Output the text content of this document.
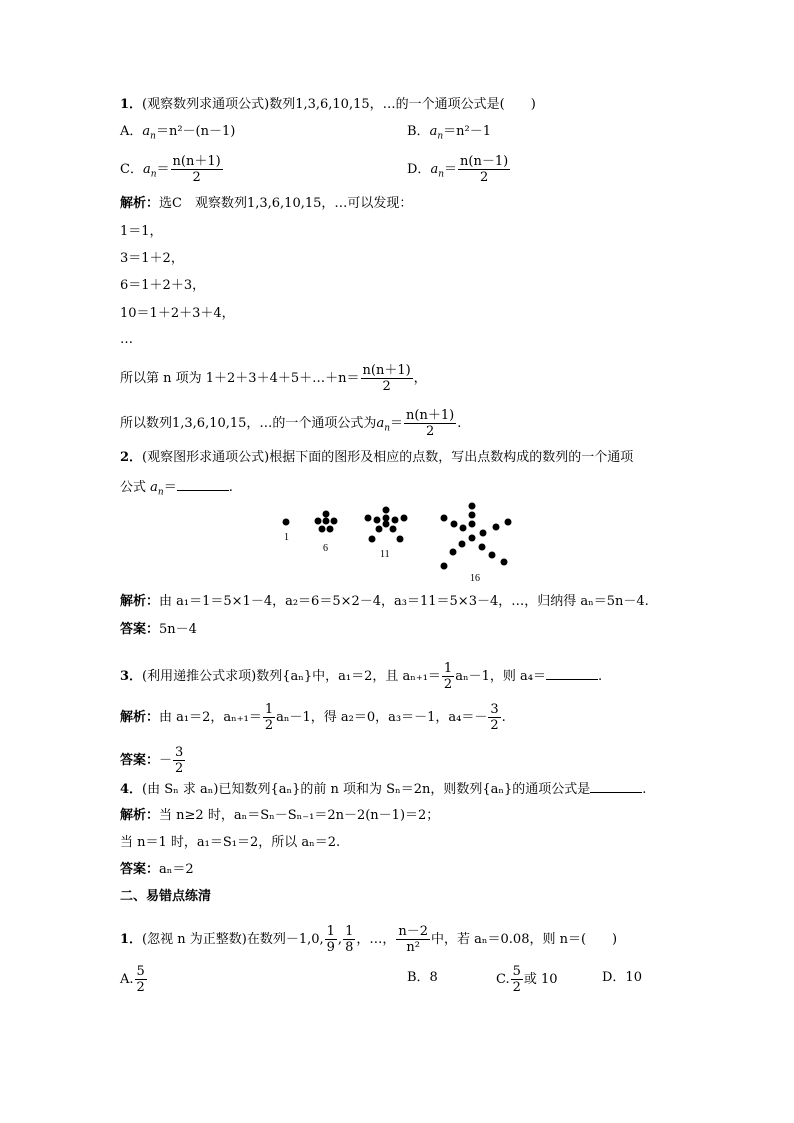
1．(观察数列求通项公式)数列1,3,6,10,15，…的一个通项公式是(　　)
A．$a_n=n^2-(n-1)$	B．$a_n=n^2-1$
C．$a_n= \frac{n(n+1)}{2}$	D．$a_n= \frac{n(n-1)}{2}$
解析：选C　观察数列1,3,6,10,15，…可以发现：
1＝1，
3＝1＋2，
6＝1＋2＋3，
10＝1＋2＋3＋4，
…
所以第 n 项为 1＋2＋3＋4＋5＋…＋n＝ $\frac{n(n+1)}{2}$ ，
所以数列1,3,6,10,15，…的一个通项公式为$a_n= \frac{n(n+1)}{2}$ .
2．(观察图形求通项公式)根据下面的图形及相应的点数，写出点数构成的数列的一个通项
公式 $a_n=$	.
1
6
11
16
解析：由 a₁＝1＝5×1－4，a₂＝6＝5×2－4，a₃＝11＝5×3－4，…，归纳得 aₙ＝5n－4.
答案：5n－4
3．(利用递推公式求项)数列{aₙ}中，a₁＝2，且 $a_{n+1}= \frac{1}{2} a_n-1$，则 a₄＝	.
解析：由 a₁＝2，$a_{n+1}= \frac{1}{2} a_n-1$，得 a₂＝0，a₃＝－1，$a_4=- \frac{3}{2}$ .
答案：－ $\frac{3}{2}$
4．(由 Sₙ 求 aₙ)已知数列{aₙ}的前 n 项和为 Sₙ＝2n，则数列{aₙ}的通项公式是	.
解析：当 n≥2 时，aₙ＝Sₙ－Sₙ₋₁＝2n－2(n－1)＝2；
当 n＝1 时，a₁＝S₁＝2，所以 aₙ＝2.
答案：aₙ＝2
二、易错点练清
1．(忽视 n 为正整数)在数列－1,0, $\frac{1}{9}$ , $\frac{1}{8}$ ，…， $\frac{n-2}{\text{n²}}$ 中，若 aₙ＝0.08，则 n＝(　　)
A. $\frac{5}{2}$	B．8	C. $\frac{5}{2}$ 或 10	D．10
